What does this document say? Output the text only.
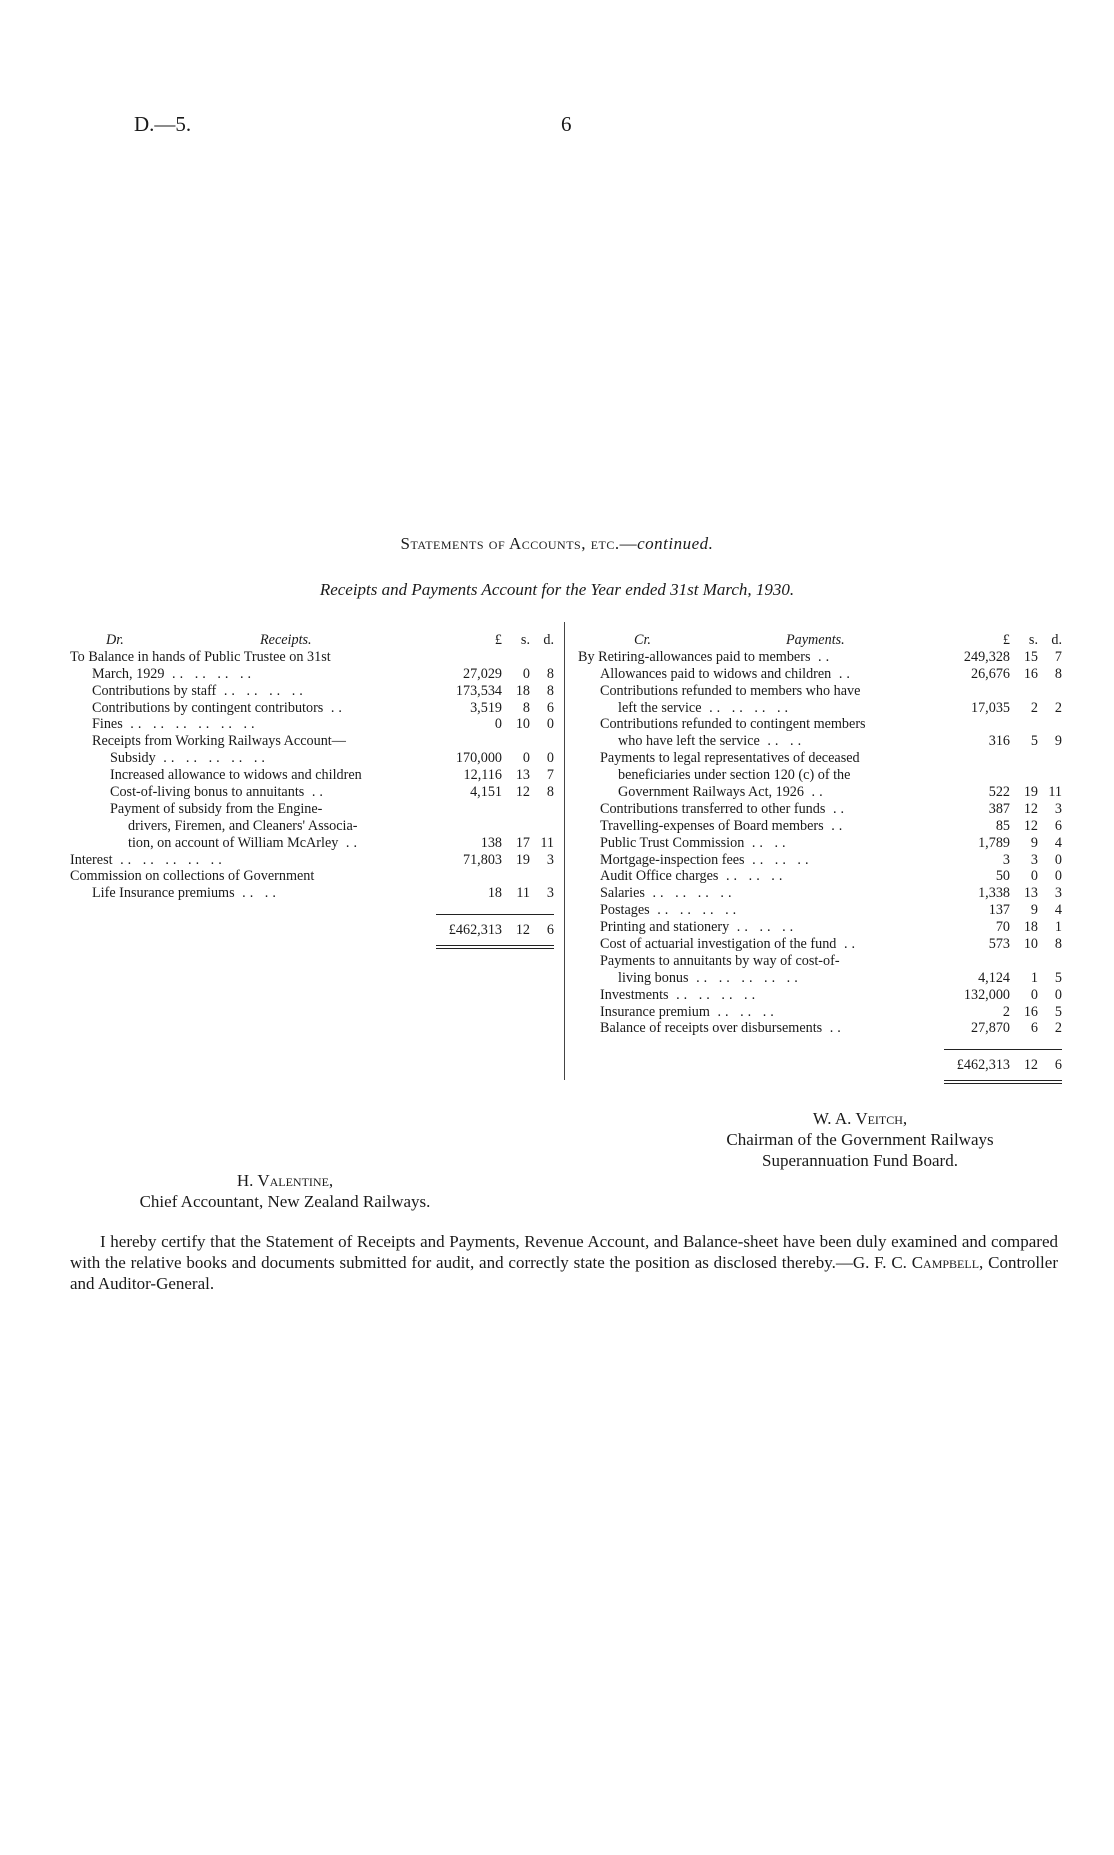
D.—5.	6
Statements of Accounts, etc.—continued.
Receipts and Payments Account for the Year ended 31st March, 1930.
Dr.	Receipts.	£	s. d.
To Balance in hands of Public Trustee on 31st
March, 1929 .. .. .. ..	27,029	0	8
Contributions by staff .. .. .. ..	173,534 18	8
Contributions by contingent contributors ..	3,519	8	6
Fines .. .. .. .. .. ..	0 10	0
Receipts from Working Railways Account—
Subsidy .. .. .. .. ..	170,000	0	0
Increased allowance to widows and children	12,116 13	7
Cost-of-living bonus to annuitants ..	4,151 12	8
Payment of subsidy from the Engine-
drivers, Firemen, and Cleaners' Associa-
tion, on account of William McArley ..	138 17 11
Interest .. .. .. .. ..	71,803 19	3
Commission on collections of Government
Life Insurance premiums .. ..	18	11	3
£462,313 12	6
Cr.	Payments.	£	s. d.
By Retiring-allowances paid to members ..	249,328 15	7
Allowances paid to widows and children ..	26,676 16	8
Contributions refunded to members who have
left the service .. .. .. ..	17,035	2	2
Contributions refunded to contingent members
who have left the service .. ..	316	5	9
Payments to legal representatives of deceased
beneficiaries under section 120 (c) of the
Government Railways Act, 1926 ..	522 19 11
Contributions transferred to other funds ..	387 12	3
Travelling-expenses of Board members ..	85 12	6
Public Trust Commission .. ..	1,789	9	4
Mortgage-inspection fees .. .. ..	3	3	0
Audit Office charges .. .. ..	50	0	0
Salaries .. .. .. ..	1,338 13	3
Postages .. .. .. ..	137	9	4
Printing and stationery .. .. ..	70 18	1
Cost of actuarial investigation of the fund ..	573 10	8
Payments to annuitants by way of cost-of-
living bonus .. .. .. .. ..	4,124	1	5
Investments .. .. .. ..	132,000	0	0
Insurance premium .. .. ..	2 16	5
Balance of receipts over disbursements ..	27,870	6	2
£462,313 12	6
W. A. Veitch,
Chairman of the Government Railways
Superannuation Fund Board.
H. Valentine,
Chief Accountant, New Zealand Railways.
I hereby certify that the Statement of Receipts and Payments, Revenue Account, and Balance-sheet have been duly examined and compared with the relative books and documents submitted for audit, and correctly state the position as disclosed thereby.—G. F. C. Campbell, Controller and Auditor-General.
